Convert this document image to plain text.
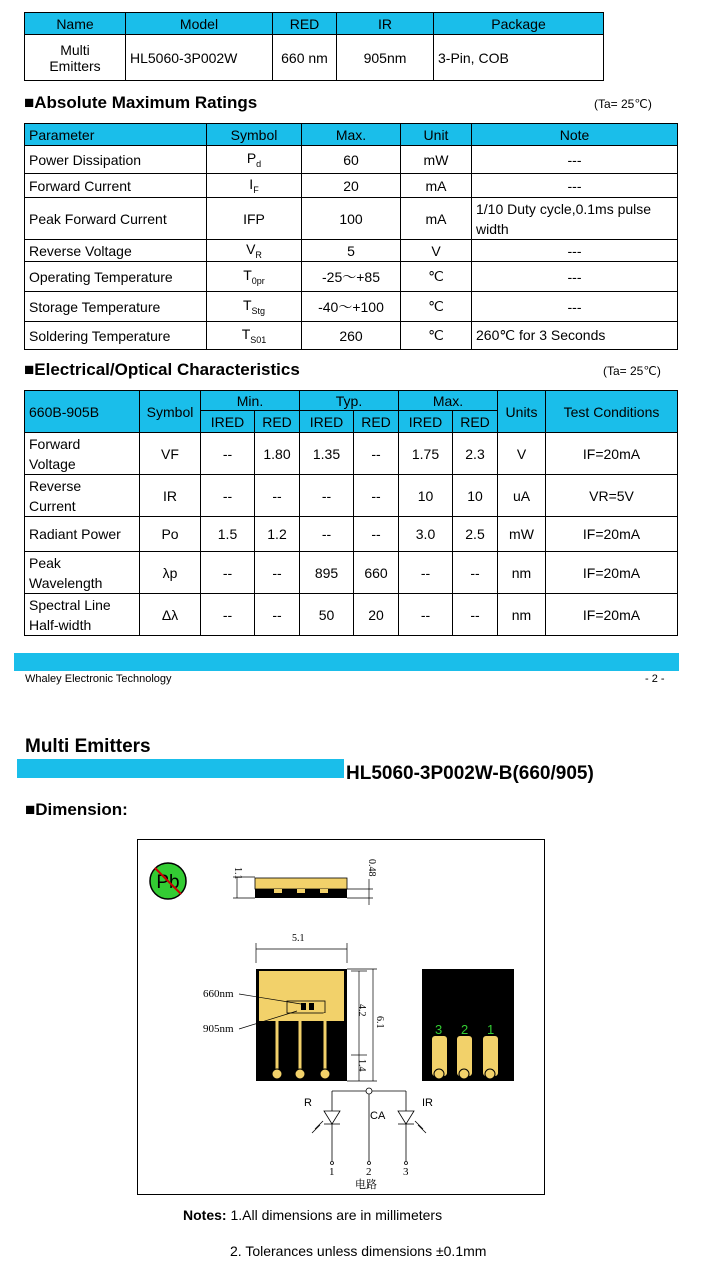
Name	Model	RED	IR	Package

Multi
Emitters	HL5060-3P002W	660 nm	905nm	3-Pin, COB
■Absolute Maximum Ratings	(Ta= 25℃)
Parameter	Symbol	Max.	Unit	Note
Power Dissipation	$P_d$	60	mW	---
Forward Current	$I_F$	20	mA	---
Peak Forward Current	IFP	100	mA	1/10 Duty cycle,0.1ms pulse width
Reverse Voltage	$V_R$	5	V	---
Operating Temperature	$T_{0pr}$	-25～+85	℃	---
Storage Temperature	$T_{Stg}$	-40～+100	℃	---
Soldering Temperature	$T_{S01}$	260	℃	260℃ for 3 Seconds
■Electrical/Optical Characteristics	(Ta= 25℃)
660B-905B	Symbol	Min.		Typ.		Max.		Units	Test Conditions
		IRED	RED	IRED	RED	IRED	RED		

Forward
Voltage	VF	--	1.80	1.35	--	1.75	2.3	V	IF=20mA

Reverse
Current	IR	--	--	--	--	10	10	uA	VR=5V

Radiant Power	Po	1.5	1.2	--	--	3.0	2.5	mW	IF=20mA

Peak
Wavelength	λp	--	--	895	660	--	--	nm	IF=20mA

Spectral Line
Half-width	Δλ	--	--	50	20	--	--	nm	IF=20mA
Whaley Electronic Technology	- 2 -
Multi Emitters
HL5060-3P002W-B(660/905)
■Dimension:
Pb	1.1	0.48
5.1
660nm
905nm
4.2
6.1
1.4
3 2 1
R
CA
IR
1	2	3
电路
Notes: 1.All dimensions are in millimeters
2. Tolerances unless dimensions ±0.1mm
